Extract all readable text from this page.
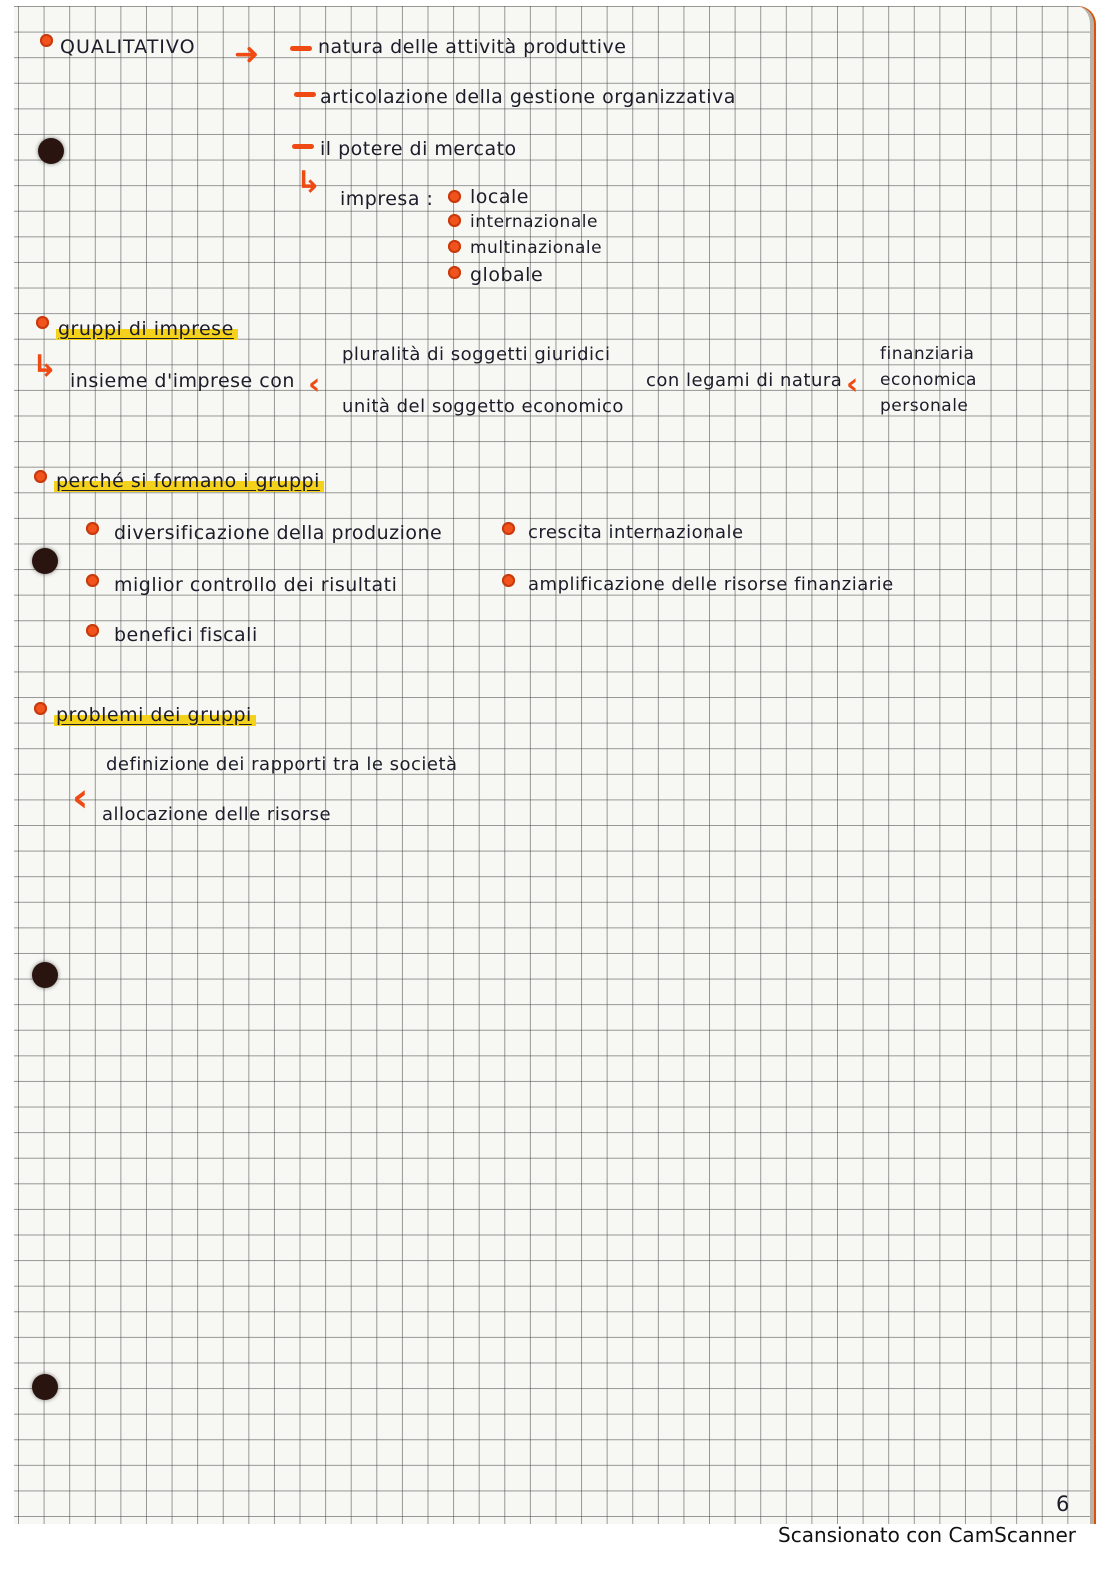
QUALITATIVO ➜	natura delle attività produttive
articolazione della gestione organizzativa
il potere di mercato
↳ impresa : locale
internazionale
multinazionale
globale
gruppi di imprese
↳ insieme d'imprese con ‹
pluralità di soggetti giuridici
unità del soggetto economico
con legami di natura ‹
finanziaria
economica
personale
perché si formano i gruppi
diversificazione della produzione
miglior controllo dei risultati
benefici fiscali
crescita internazionale
amplificazione delle risorse finanziarie
problemi dei gruppi
‹
definizione dei rapporti tra le società
allocazione delle risorse
6
Scansionato con CamScanner
